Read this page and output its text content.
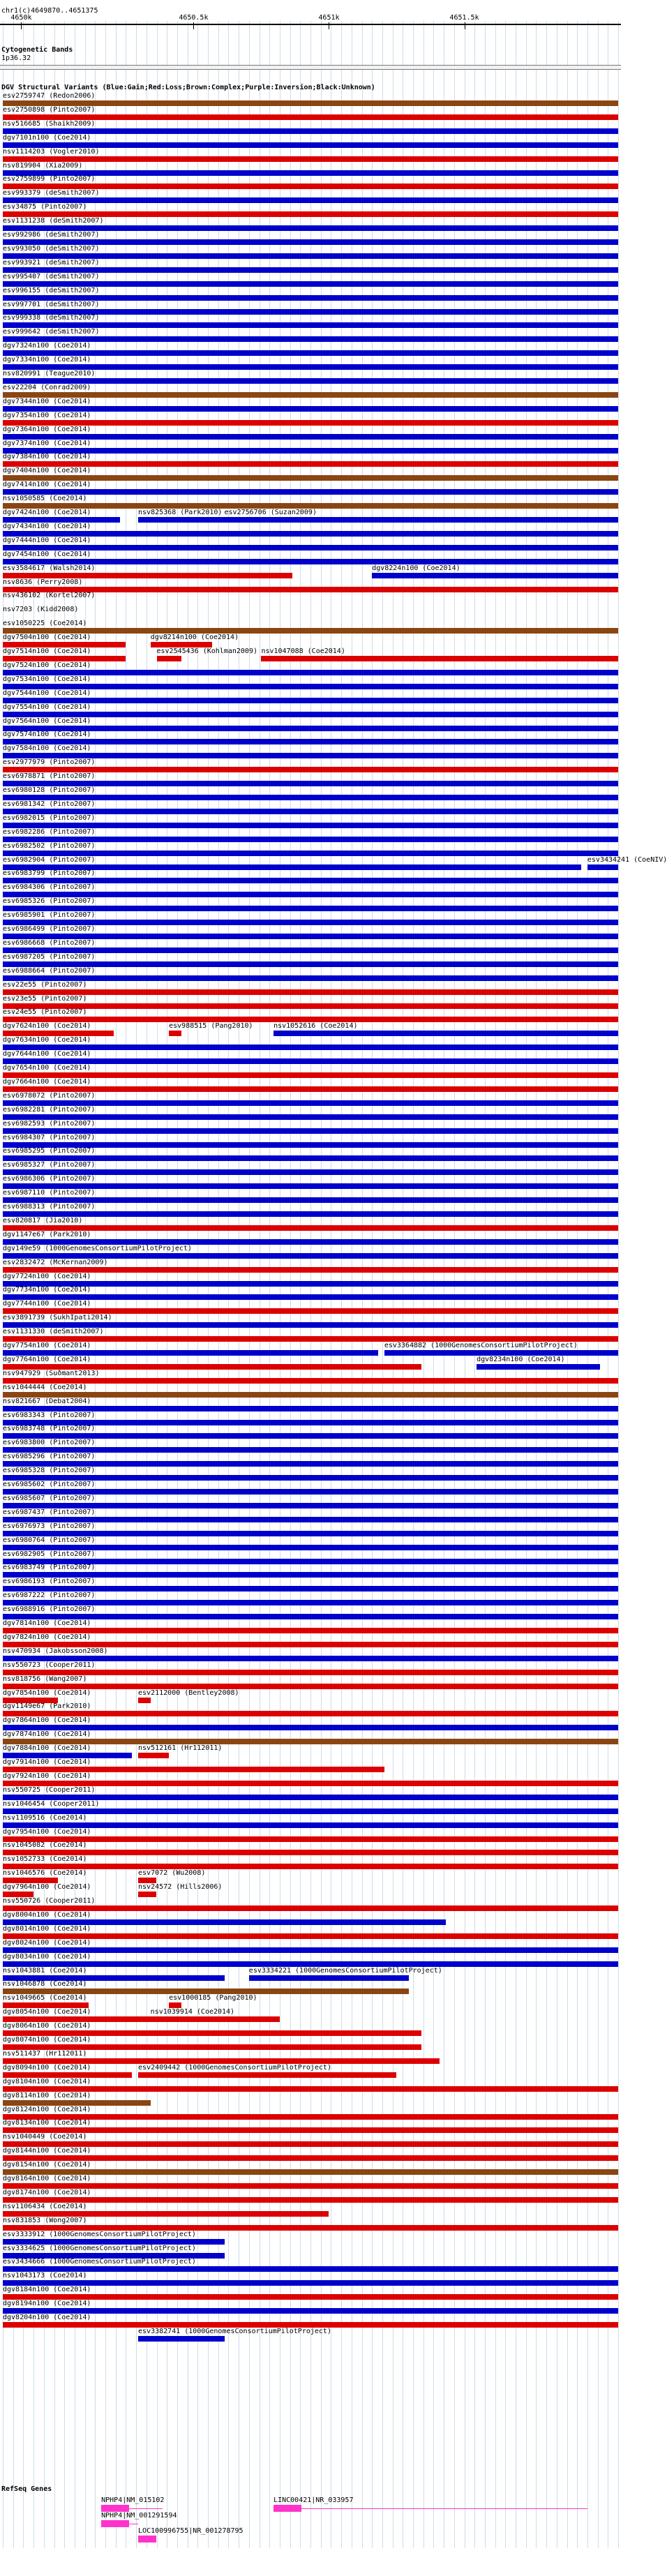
chr1(c)4649870..4651375
4650k	4650.5k	4651k	4651.5k
Cytogenetic Bands
1p36.32
DGV Structural Variants (Blue:Gain;Red:Loss;Brown:Complex;Purple:Inversion;Black:Unknown)
esv2759747 (Redon2006)
esv2750898 (Pinto2007)
nsv516685 (Shaikh2009)
dgv7101n100 (Coe2014)
nsv1114203 (Vogler2010)
nsv819904 (Xia2009)
esv2759899 (Pinto2007)
esv993379 (deSmith2007)
esv34875 (Pinto2007)
esv1131238 (deSmith2007)
esv992986 (deSmith2007)
esv993050 (deSmith2007)
esv993921 (deSmith2007)
esv995407 (deSmith2007)
esv996155 (deSmith2007)
esv997701 (deSmith2007)
esv999338 (deSmith2007)
esv999642 (deSmith2007)
dgv7324n100 (Coe2014)
dgv7334n100 (Coe2014)
nsv820991 (Teague2010)
esv22204 (Conrad2009)
dgv7344n100 (Coe2014)
dgv7354n100 (Coe2014)
dgv7364n100 (Coe2014)
dgv7374n100 (Coe2014)
dgv7384n100 (Coe2014)
dgv7404n100 (Coe2014)
dgv7414n100 (Coe2014)
nsv1050585 (Coe2014)
dgv7424n100 (Coe2014)	nsv825368 (Park2010) esv2756706 (Suzan2009)
dgv7434n100 (Coe2014)
dgv7444n100 (Coe2014)
dgv7454n100 (Coe2014)
esv3584617 (Walsh2014)	dgv8224n100 (Coe2014)
nsv8636 (Perry2008)
nsv436102 (Kortel2007)
nsv7203 (Kidd2008)
esv1050225 (Coe2014)
dgv7504n100 (Coe2014)	dgv8214n100 (Coe2014)
dgv7514n100 (Coe2014)	esv2545436 (Kohlman2009) nsv1047088 (Coe2014)
dgv7524n100 (Coe2014)
dgv7534n100 (Coe2014)
dgv7544n100 (Coe2014)
dgv7554n100 (Coe2014)
dgv7564n100 (Coe2014)
dgv7574n100 (Coe2014)
dgv7584n100 (Coe2014)
esv2977979 (Pinto2007)
esv6978871 (Pinto2007)
esv6980128 (Pinto2007)
esv6981342 (Pinto2007)
esv6982015 (Pinto2007)
esv6982286 (Pinto2007)
esv6982502 (Pinto2007)
esv6982904 (Pinto2007)	esv3434241 (CoeNIV)
esv6983799 (Pinto2007)
esv6984306 (Pinto2007)
esv6985326 (Pinto2007)
esv6985901 (Pinto2007)
esv6986499 (Pinto2007)
esv6986668 (Pinto2007)
esv6987205 (Pinto2007)
esv6988664 (Pinto2007)
esv22e55 (Pinto2007)
esv23e55 (Pinto2007)
esv24e55 (Pinto2007)
dgv7624n100 (Coe2014)	esv988515 (Pang2010)	nsv1052616 (Coe2014)
dgv7634n100 (Coe2014)
dgv7644n100 (Coe2014)
dgv7654n100 (Coe2014)
dgv7664n100 (Coe2014)
esv6978072 (Pinto2007)
esv6982281 (Pinto2007)
esv6982593 (Pinto2007)
esv6984307 (Pinto2007)
esv6985295 (Pinto2007)
esv6985327 (Pinto2007)
esv6986306 (Pinto2007)
esv6987110 (Pinto2007)
esv6988313 (Pinto2007)
esv820817 (Jia2010)
dgv1147e67 (Park2010)
dgv149e59 (1000GenomesConsortiumPilotProject)
esv2832472 (McKernan2009)
dgv7724n100 (Coe2014)
dgv7734n100 (Coe2014)
dgv7744n100 (Coe2014)
esv3891739 (SukhIpati2014)
esv1131330 (deSmith2007)
dgv7754n100 (Coe2014)	esv3364882 (1000GenomesConsortiumPilotProject)
dgv7764n100 (Coe2014)	dgv8234n100 (Coe2014)
nsv947929 (Suðmant2013)
nsv1044444 (Coe2014)
nsv821667 (Debat2004)
esv6983343 (Pinto2007)
esv6983748 (Pinto2007)
esv6983800 (Pinto2007)
esv6985296 (Pinto2007)
esv6985328 (Pinto2007)
esv6985602 (Pinto2007)
esv6985607 (Pinto2007)
esv6987437 (Pinto2007)
esv6976973 (Pinto2007)
esv6980764 (Pinto2007)
esv6982905 (Pinto2007)
esv6983749 (Pinto2007)
esv6986193 (Pinto2007)
esv6987222 (Pinto2007)
esv6988916 (Pinto2007)
dgv7814n100 (Coe2014)
dgv7824n100 (Coe2014)
nsv470934 (Jakobsson2008)
nsv550723 (Cooper2011)
nsv818756 (Wang2007)
dgv7854n100 (Coe2014)	esv2112000 (Bentley2008)
dgv1149e67 (Park2010)
dgv7864n100 (Coe2014)
dgv7874n100 (Coe2014)
dgv7884n100 (Coe2014)	nsv512161 (Hr112011)
dgv7914n100 (Coe2014)
dgv7924n100 (Coe2014)
nsv550725 (Cooper2011)
nsv1046454 (Cooper2011)
nsv1109516 (Coe2014)
dgv7954n100 (Coe2014)
nsv1045082 (Coe2014)
nsv1052733 (Coe2014)
nsv1046576 (Coe2014)	esv7072 (Wu2008)
dgv7964n100 (Coe2014)	nsv24572 (Hills2006)
nsv550726 (Cooper2011)
dgv8004n100 (Coe2014)
dgv8014n100 (Coe2014)
dgv8024n100 (Coe2014)
dgv8034n100 (Coe2014)
nsv1043881 (Coe2014)	esv3334221 (1000GenomesConsortiumPilotProject)
nsv1046878 (Coe2014)
nsv1049665 (Coe2014)	esv1000185 (Pang2010)
dgv8054n100 (Coe2014)	nsv1039914 (Coe2014)
dgv8064n100 (Coe2014)
dgv8074n100 (Coe2014)
nsv511437 (Hr112011)
dgv8094n100 (Coe2014)	esv2409442 (1000GenomesConsortiumPilotProject)
dgv8104n100 (Coe2014)
dgv8114n100 (Coe2014)
dgv8124n100 (Coe2014)
dgv8134n100 (Coe2014)
nsv1040449 (Coe2014)
dgv8144n100 (Coe2014)
dgv8154n100 (Coe2014)
dgv8164n100 (Coe2014)
dgv8174n100 (Coe2014)
nsv1106434 (Coe2014)
nsv831853 (Wong2007)
esv3333912 (1000GenomesConsortiumPilotProject)
esv3334625 (1000GenomesConsortiumPilotProject)
esv3434666 (1000GenomesConsortiumPilotProject)
nsv1043173 (Coe2014)
dgv8184n100 (Coe2014)
dgv8194n100 (Coe2014)
dgv8204n100 (Coe2014)
esv3382741 (1000GenomesConsortiumPilotProject)
RefSeq Genes
NPHP4|NM_015102	LINC00421|NR_033957
NPHP4|NM_001291594
LOC100996755|NR_001278795
